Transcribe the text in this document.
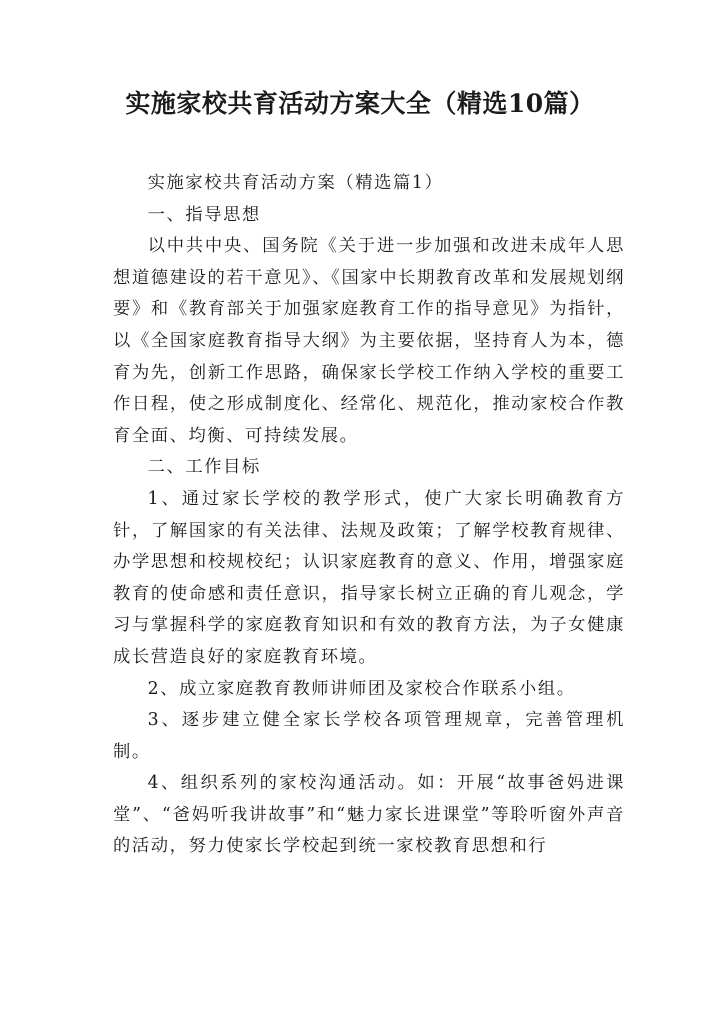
实施家校共育活动方案大全（精选10篇）

实施家校共育活动方案（精选篇1）

一、指导思想

以中共中央、国务院《关于进一步加强和改进未成年人思想道德建设的若干意见》、《国家中长期教育改革和发展规划纲要》和《教育部关于加强家庭教育工作的指导意见》为指针，以《全国家庭教育指导大纲》为主要依据，坚持育人为本，德育为先，创新工作思路，确保家长学校工作纳入学校的重要工作日程，使之形成制度化、经常化、规范化，推动家校合作教育全面、均衡、可持续发展。

二、工作目标

1、通过家长学校的教学形式，使广大家长明确教育方针，了解国家的有关法律、法规及政策；了解学校教育规律、办学思想和校规校纪；认识家庭教育的意义、作用，增强家庭教育的使命感和责任意识，指导家长树立正确的育儿观念，学习与掌握科学的家庭教育知识和有效的教育方法，为子女健康成长营造良好的家庭教育环境。

2、成立家庭教育教师讲师团及家校合作联系小组。

3、逐步建立健全家长学校各项管理规章，完善管理机制。

4、组织系列的家校沟通活动。如：开展“故事爸妈进课堂”、“爸妈听我讲故事”和“魅力家长进课堂”等聆听窗外声音的活动，努力使家长学校起到统一家校教育思想和行
